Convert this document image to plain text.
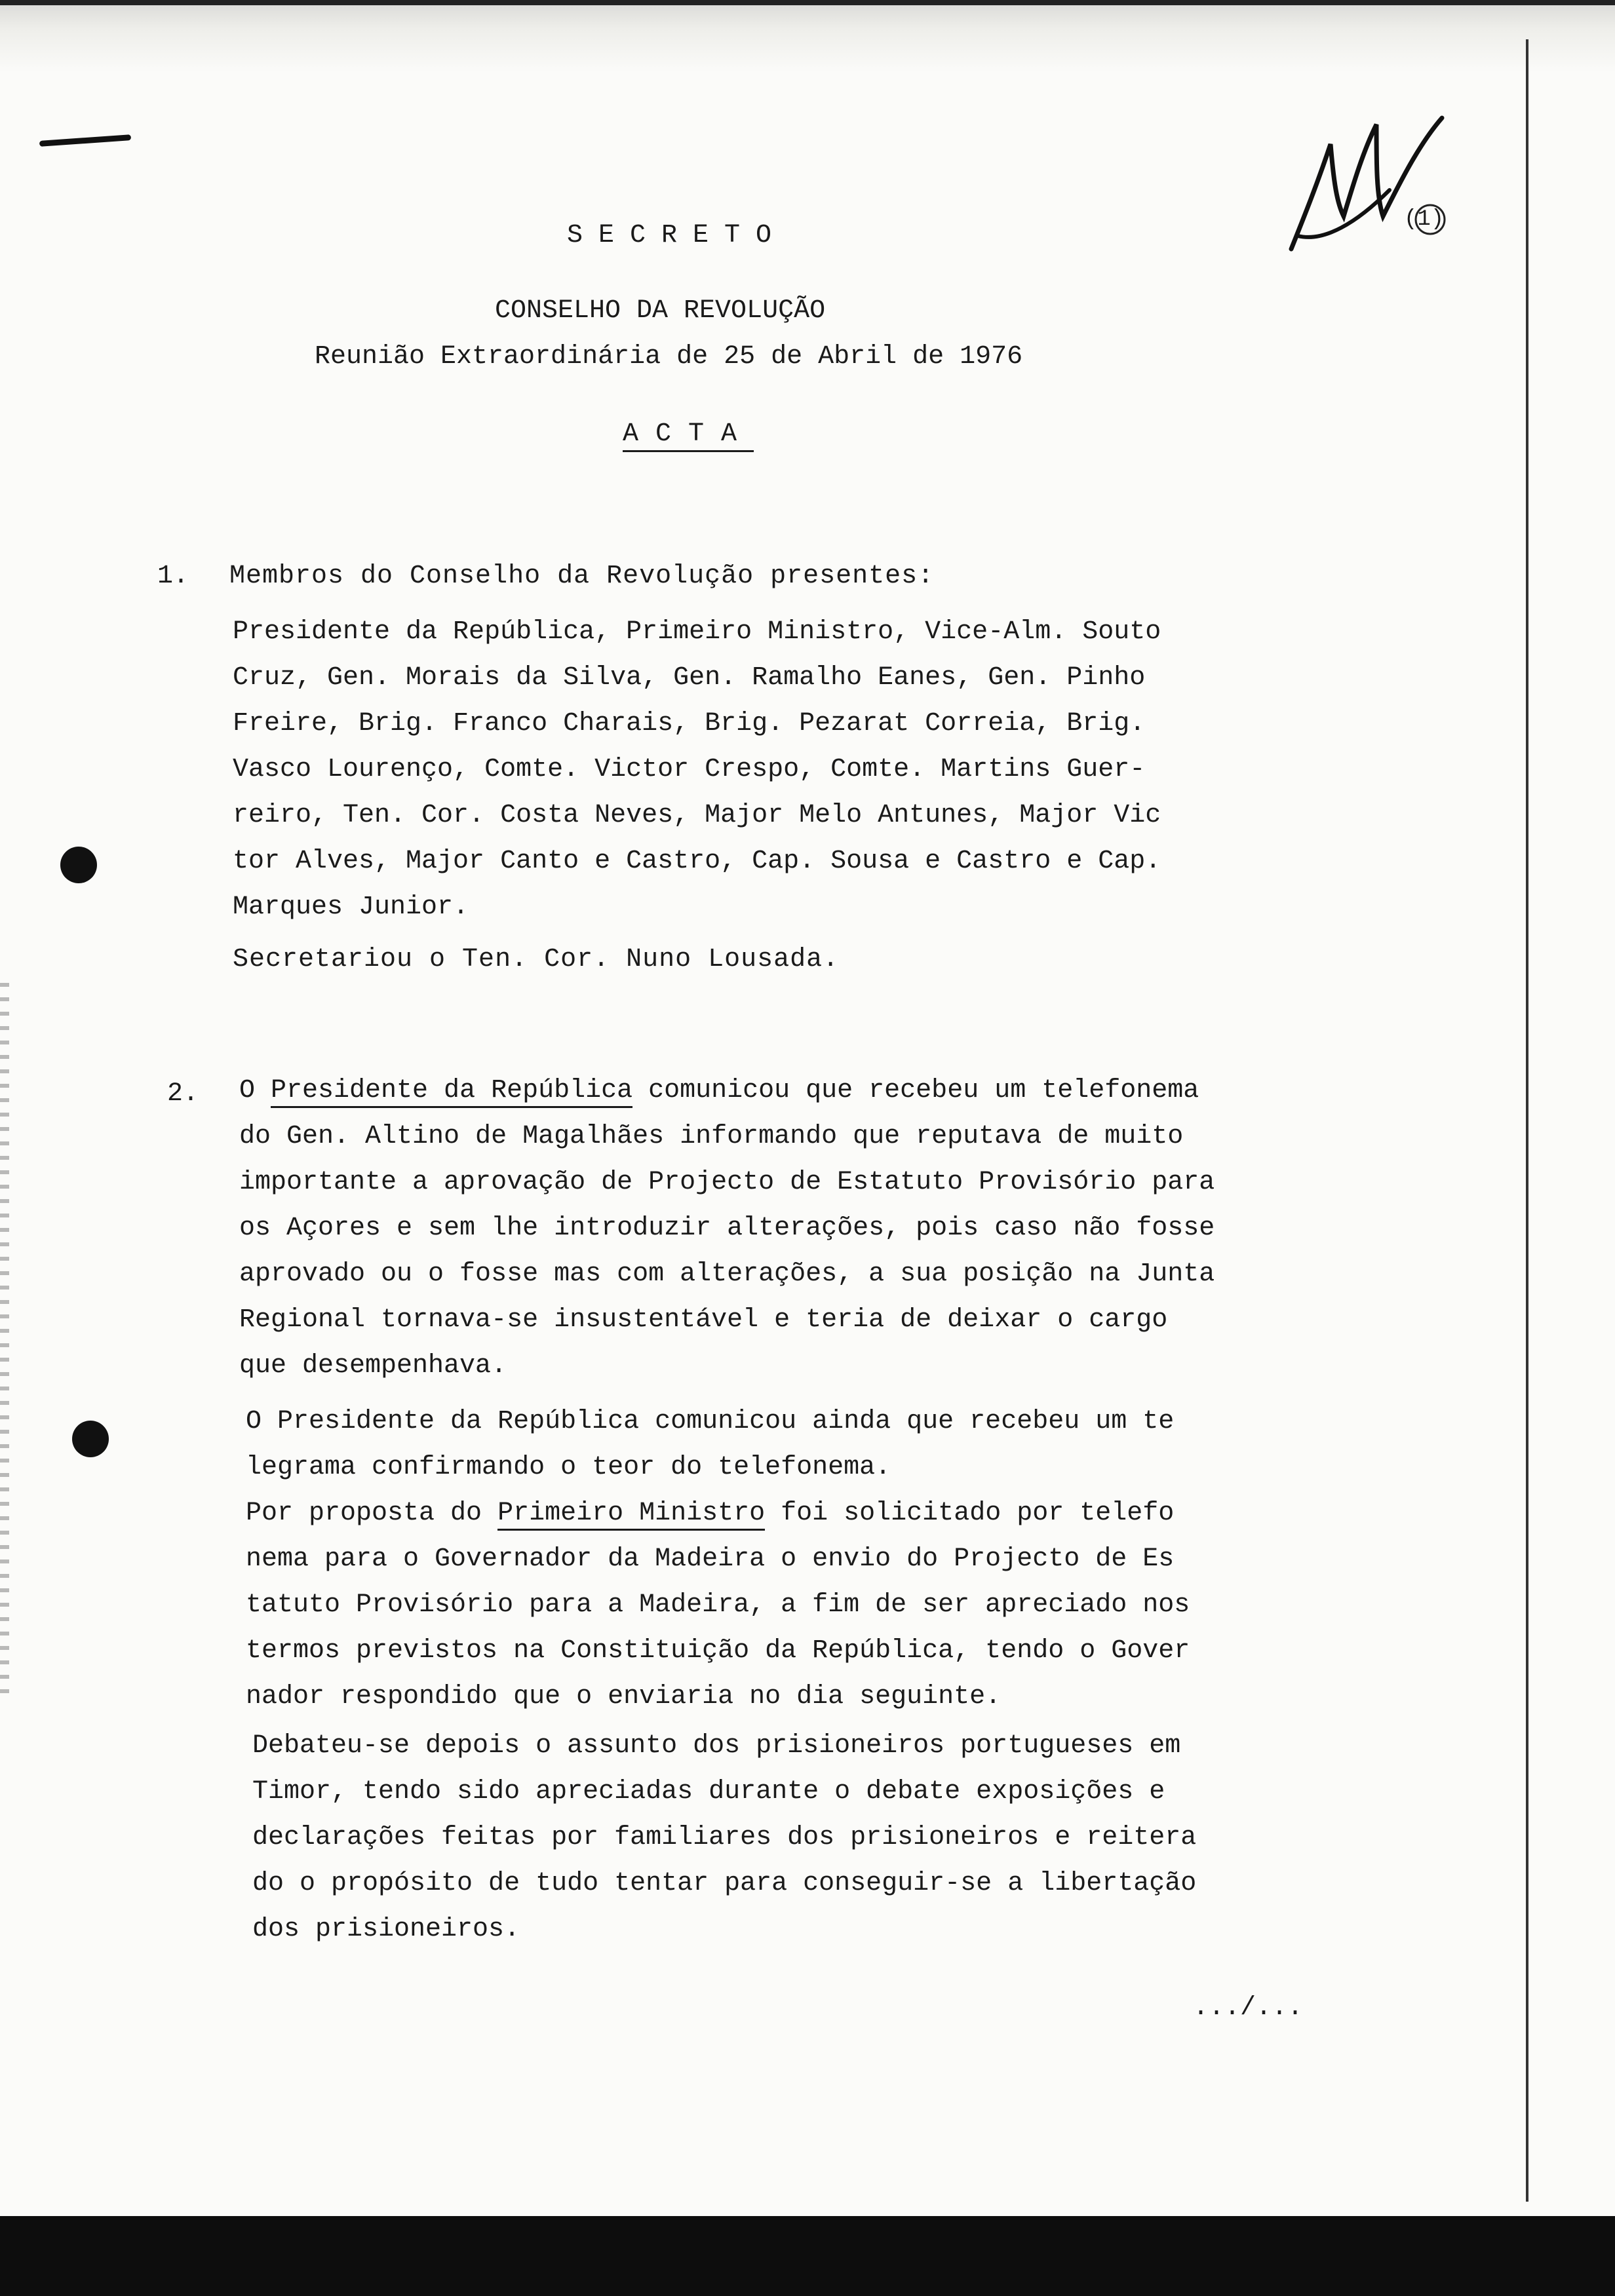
(1)
SECRETO
CONSELHO DA REVOLUÇÃO
Reunião Extraordinária de 25 de Abril de 1976
ACTA
1. Membros do Conselho da Revolução presentes:
Presidente da República, Primeiro Ministro, Vice-Alm. Souto
Cruz, Gen. Morais da Silva, Gen. Ramalho Eanes, Gen. Pinho
Freire, Brig. Franco Charais, Brig. Pezarat Correia, Brig.
Vasco Lourenço, Comte. Victor Crespo, Comte. Martins Guer-
reiro, Ten. Cor. Costa Neves, Major Melo Antunes, Major Vic
tor Alves, Major Canto e Castro, Cap. Sousa e Castro e Cap.
Marques Junior.
Secretariou o Ten. Cor. Nuno Lousada.
2. O Presidente da República comunicou que recebeu um telefonema
do Gen. Altino de Magalhães informando que reputava de muito
importante a aprovação de Projecto de Estatuto Provisório para
os Açores e sem lhe introduzir alterações, pois caso não fosse
aprovado ou o fosse mas com alterações, a sua posição na Junta
Regional tornava-se insustentável e teria de deixar o cargo
que desempenhava.
O Presidente da República comunicou ainda que recebeu um te
legrama confirmando o teor do telefonema.
Por proposta do Primeiro Ministro foi solicitado por telefo
nema para o Governador da Madeira o envio do Projecto de Es
tatuto Provisório para a Madeira, a fim de ser apreciado nos
termos previstos na Constituição da República, tendo o Gover
nador respondido que o enviaria no dia seguinte.
Debateu-se depois o assunto dos prisioneiros portugueses em
Timor, tendo sido apreciadas durante o debate exposições e
declarações feitas por familiares dos prisioneiros e reitera
do o propósito de tudo tentar para conseguir-se a libertação
dos prisioneiros.
.../...
